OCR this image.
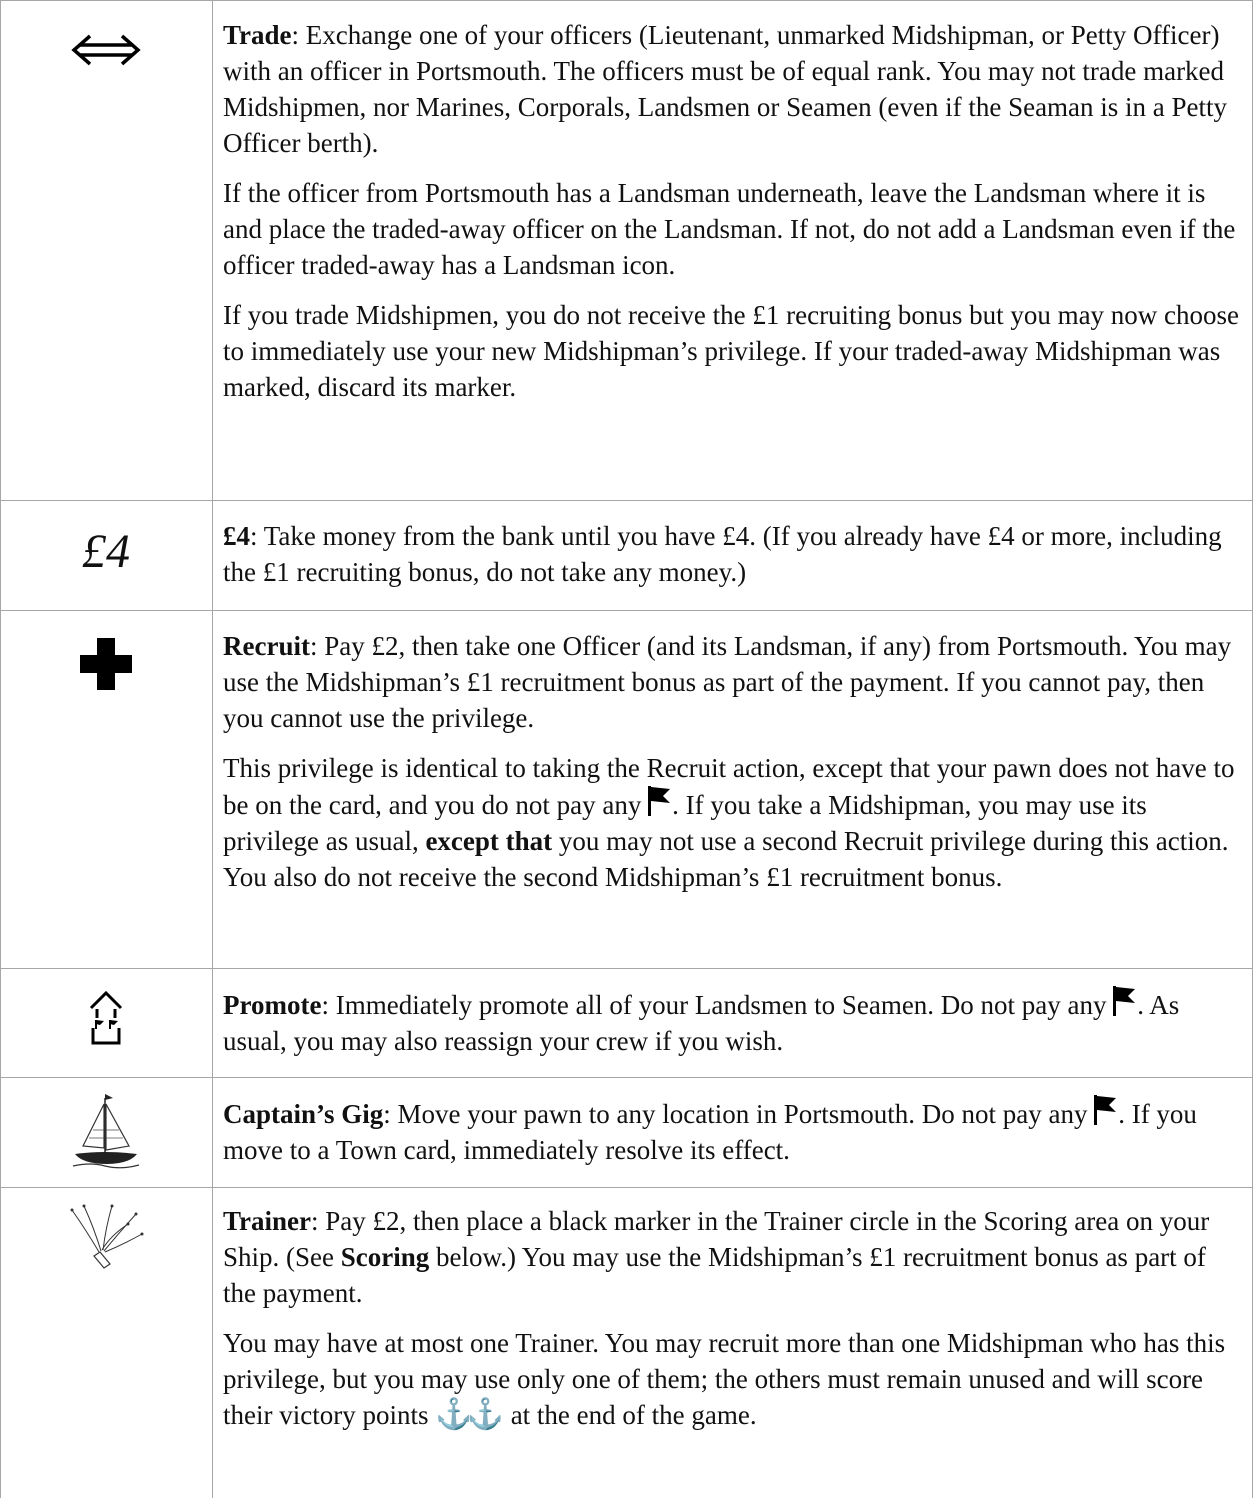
Trade: Exchange one of your officers (Lieutenant, unmarked Midshipman, or Petty Officer) with an officer in Portsmouth. The officers must be of equal rank. You may not trade marked Midshipmen, nor Marines, Corporals, Landsmen or Seamen (even if the Seaman is in a Petty Officer berth).
If the officer from Portsmouth has a Landsman underneath, leave the Landsman where it is and place the traded-away officer on the Landsman. If not, do not add a Landsman even if the officer traded-away has a Landsman icon.
If you trade Midshipmen, you do not receive the £1 recruiting bonus but you may now choose to immediately use your new Midshipman’s privilege. If your traded-away Midshipman was marked, discard its marker.
£4	£4: Take money from the bank until you have £4. (If you already have £4 or more, including the £1 recruiting bonus, do not take any money.)
Recruit: Pay £2, then take one Officer (and its Landsman, if any) from Portsmouth. You may use the Midshipman’s £1 recruitment bonus as part of the payment. If you cannot pay, then you cannot use the privilege.
This privilege is identical to taking the Recruit action, except that your pawn does not have to be on the card, and you do not pay any . If you take a Midshipman, you may use its privilege as usual, except that you may not use a second Recruit privilege during this action. You also do not receive the second Midshipman’s £1 recruitment bonus.
Promote: Immediately promote all of your Landsmen to Seamen. Do not pay any . As usual, you may also reassign your crew if you wish.
Captain’s Gig: Move your pawn to any location in Portsmouth. Do not pay any . If you move to a Town card, immediately resolve its effect.
Trainer: Pay £2, then place a black marker in the Trainer circle in the Scoring area on your Ship. (See Scoring below.) You may use the Midshipman’s £1 recruitment bonus as part of the payment.
You may have at most one Trainer. You may recruit more than one Midshipman who has this privilege, but you may use only one of them; the others must remain unused and will score their victory points ⚓⚓ at the end of the game.
